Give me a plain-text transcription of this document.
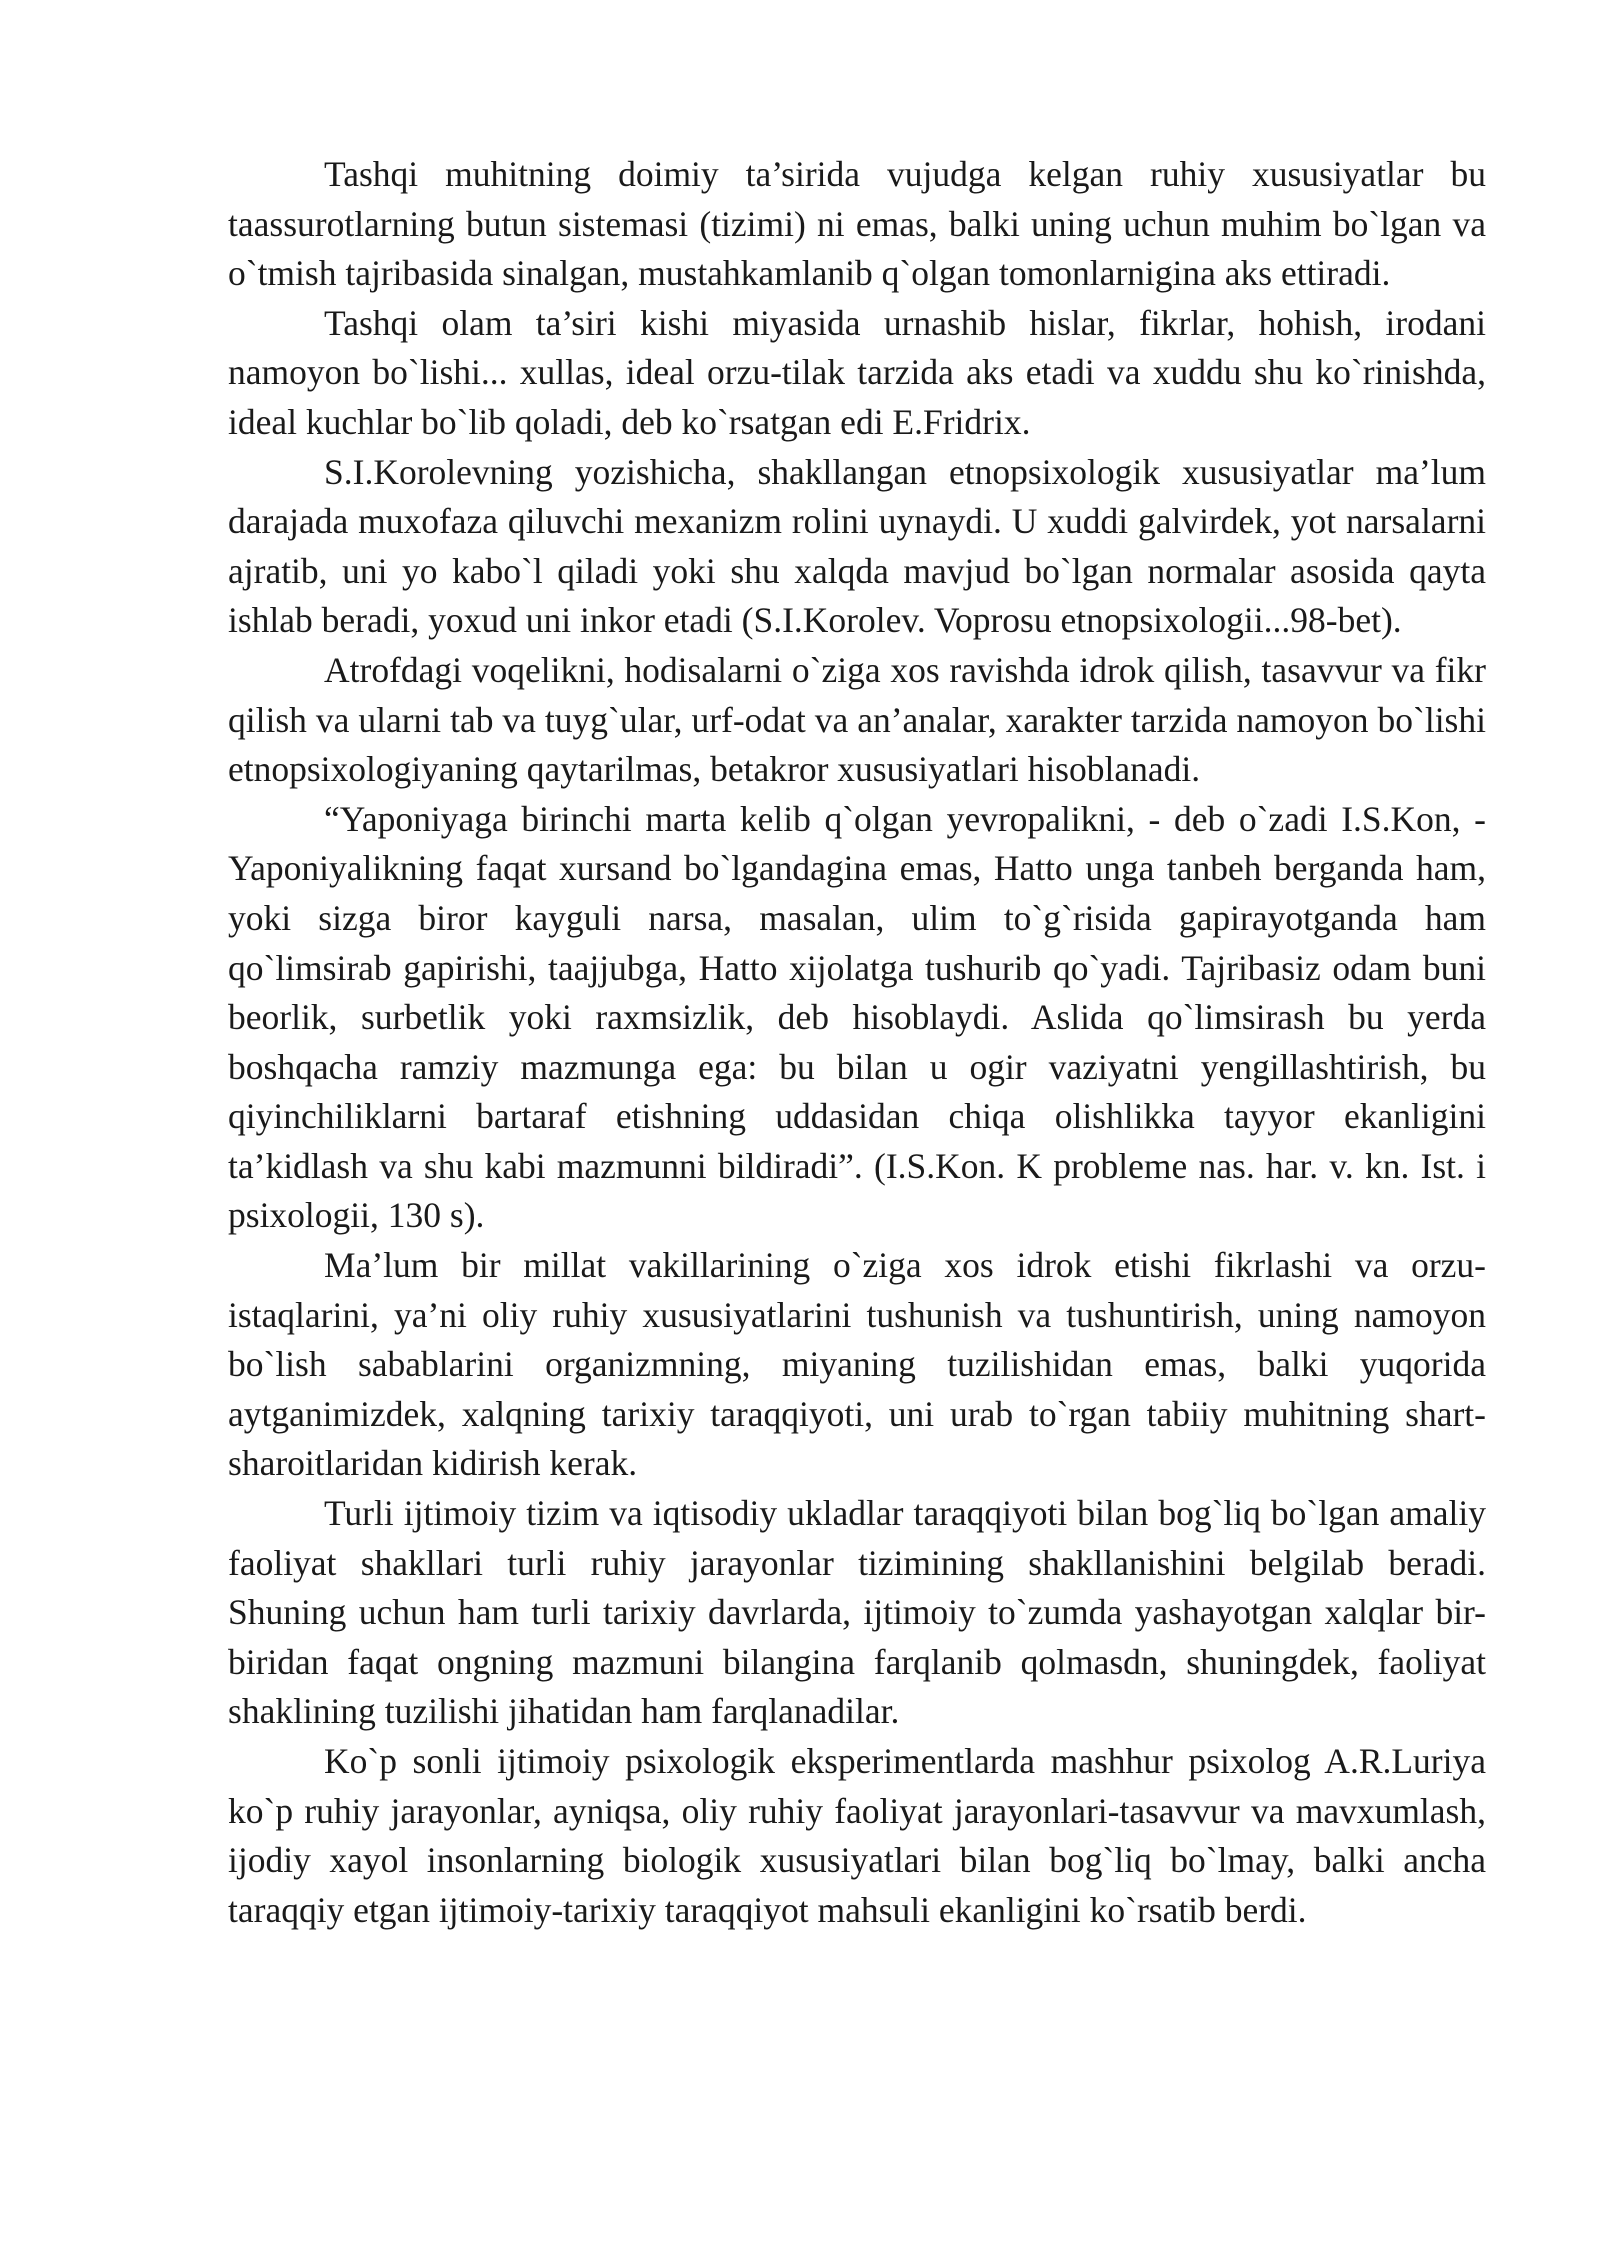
Tashqi muhitning doimiy ta’sirida vujudga kelgan ruhiy xususiyatlar bu taassurotlarning butun sistemasi (tizimi) ni emas, balki uning uchun muhim bo`lgan va o`tmish tajribasida sinalgan, mustahkamlanib q`olgan tomonlarnigina aks ettiradi.

Tashqi olam ta’siri kishi miyasida urnashib hislar, fikrlar, hohish, irodani namoyon bo`lishi... xullas, ideal orzu-tilak tarzida aks etadi va xuddu shu ko`rinishda, ideal kuchlar bo`lib qoladi, deb ko`rsatgan edi E.Fridrix.

S.I.Korolevning yozishicha, shakllangan etnopsixologik xususiyatlar ma’lum darajada muxofaza qiluvchi mexanizm rolini uynaydi. U xuddi galvirdek, yot narsalarni ajratib, uni yo kabo`l qiladi yoki shu xalqda mavjud bo`lgan normalar asosida qayta ishlab beradi, yoxud uni inkor etadi (S.I.Korolev. Voprosu etnopsixologii...98-bet).

Atrofdagi voqelikni, hodisalarni o`ziga xos ravishda idrok qilish, tasavvur va fikr qilish va ularni tab va tuyg`ular, urf-odat va an’analar, xarakter tarzida namoyon bo`lishi etnopsixologiyaning qaytarilmas, betakror xususiyatlari hisoblanadi.

“Yaponiyaga birinchi marta kelib q`olgan yevropalikni, - deb o`zadi I.S.Kon, - Yaponiyalikning faqat xursand bo`lgandagina emas, Hatto unga tanbeh berganda ham, yoki sizga biror kayguli narsa, masalan, ulim to`g`risida gapirayotganda ham qo`limsirab gapirishi, taajjubga, Hatto xijolatga tushurib qo`yadi. Tajribasiz odam buni beorlik, surbetlik yoki raxmsizlik, deb hisoblaydi. Aslida qo`limsirash bu yerda boshqacha ramziy mazmunga ega: bu bilan u ogir vaziyatni yengillashtirish, bu qiyinchiliklarni bartaraf etishning uddasidan chiqa olishlikka tayyor ekanligini ta’kidlash va shu kabi mazmunni bildiradi”. (I.S.Kon. K probleme nas. har. v. kn. Ist. i psixologii, 130 s).

Ma’lum bir millat vakillarining o`ziga xos idrok etishi fikrlashi va orzu-istaqlarini, ya’ni oliy ruhiy xususiyatlarini tushunish va tushuntirish, uning namoyon bo`lish sabablarini organizmning, miyaning tuzilishidan emas, balki yuqorida aytganimizdek, xalqning tarixiy taraqqiyoti, uni urab to`rgan tabiiy muhitning shart-sharoitlaridan kidirish kerak.

Turli ijtimoiy tizim va iqtisodiy ukladlar taraqqiyoti bilan bog`liq bo`lgan amaliy faoliyat shakllari turli ruhiy jarayonlar tizimining shakllanishini belgilab beradi. Shuning uchun ham turli tarixiy davrlarda, ijtimoiy to`zumda yashayotgan xalqlar bir-biridan faqat ongning mazmuni bilangina farqlanib qolmasdn, shuningdek, faoliyat shaklining tuzilishi jihatidan ham farqlanadilar.

Ko`p sonli ijtimoiy psixologik eksperimentlarda mashhur psixolog A.R.Luriya ko`p ruhiy jarayonlar, ayniqsa, oliy ruhiy faoliyat jarayonlari-tasavvur va mavxumlash, ijodiy xayol insonlarning biologik xususiyatlari bilan bog`liq bo`lmay, balki ancha taraqqiy etgan ijtimoiy-tarixiy taraqqiyot mahsuli ekanligini ko`rsatib berdi.
